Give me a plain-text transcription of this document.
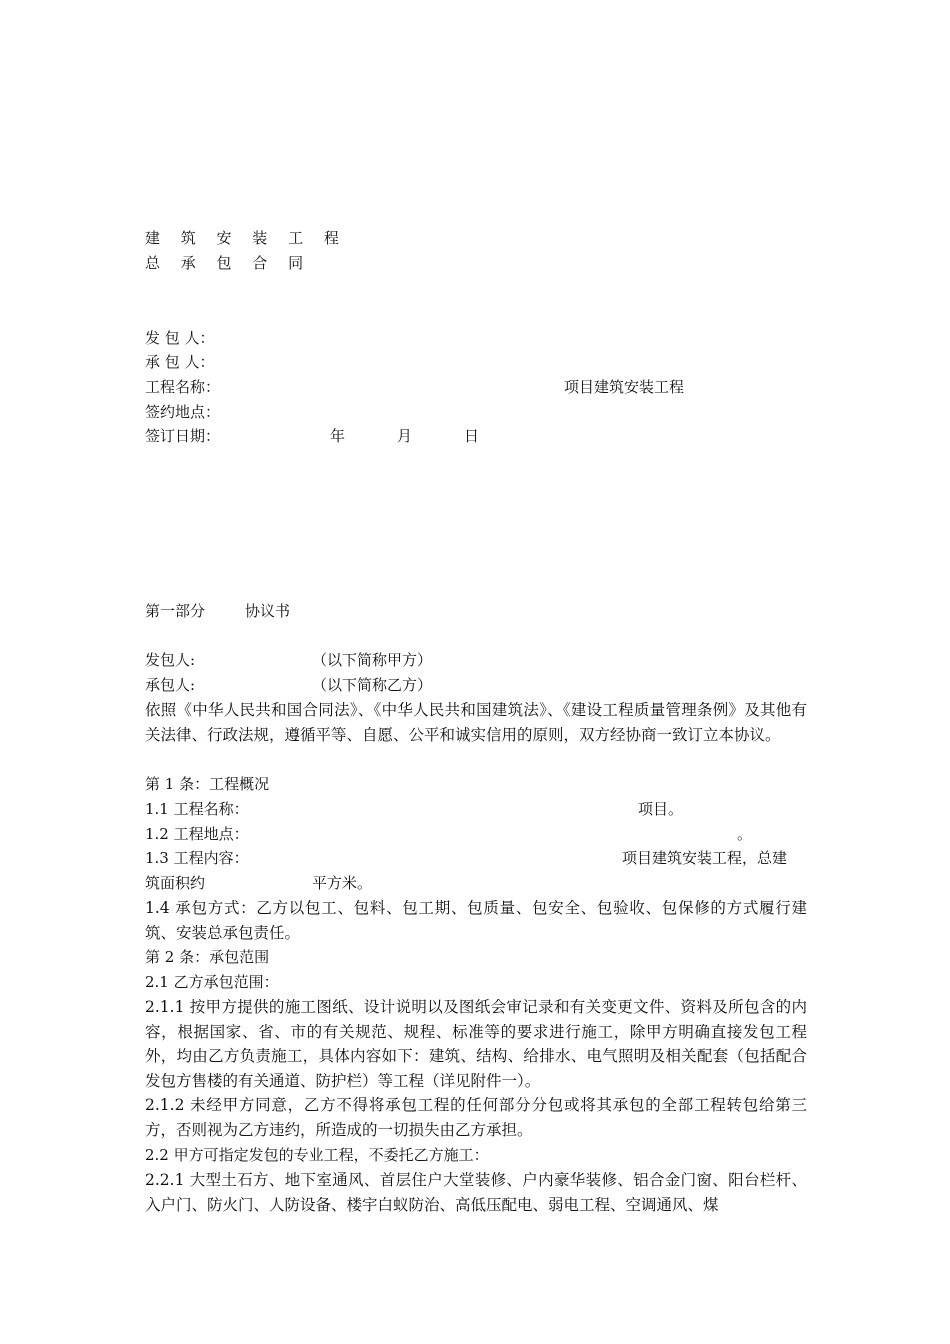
建 筑 安 装 工 程
总 承 包 合 同
发 包 人：
承 包 人：
工程名称：	项目建筑安装工程
签约地点：
签订日期：	年	月	日
第一部分	协议书
发包人:	（以下简称甲方）
承包人:	（以下简称乙方）
依照《中华人民共和国合同法》、《中华人民共和国建筑法》、《建设工程质量管理条例》及其他有关法律、行政法规，遵循平等、自愿、公平和诚实信用的原则，双方经协商一致订立本协议。
第 1 条：工程概况
1.1 工程名称：	项目。
1.2 工程地点：	。
1.3 工程内容：	项目建筑安装工程，总建
筑面积约	平方米。
1.4 承包方式：乙方以包工、包料、包工期、包质量、包安全、包验收、包保修的方式履行建筑、安装总承包责任。
第 2 条：承包范围
2.1 乙方承包范围：
2.1.1 按甲方提供的施工图纸、设计说明以及图纸会审记录和有关变更文件、资料及所包含的内容，根据国家、省、市的有关规范、规程、标准等的要求进行施工，除甲方明确直接发包工程外，均由乙方负责施工，具体内容如下：建筑、结构、给排水、电气照明及相关配套（包括配合发包方售楼的有关通道、防护栏）等工程（详见附件一）。
2.1.2 未经甲方同意，乙方不得将承包工程的任何部分分包或将其承包的全部工程转包给第三方，否则视为乙方违约，所造成的一切损失由乙方承担。
2.2 甲方可指定发包的专业工程，不委托乙方施工：
2.2.1 大型土石方、地下室通风、首层住户大堂装修、户内豪华装修、铝合金门窗、阳台栏杆、入户门、防火门、人防设备、楼宇白蚁防治、高低压配电、弱电工程、空调通风、煤
